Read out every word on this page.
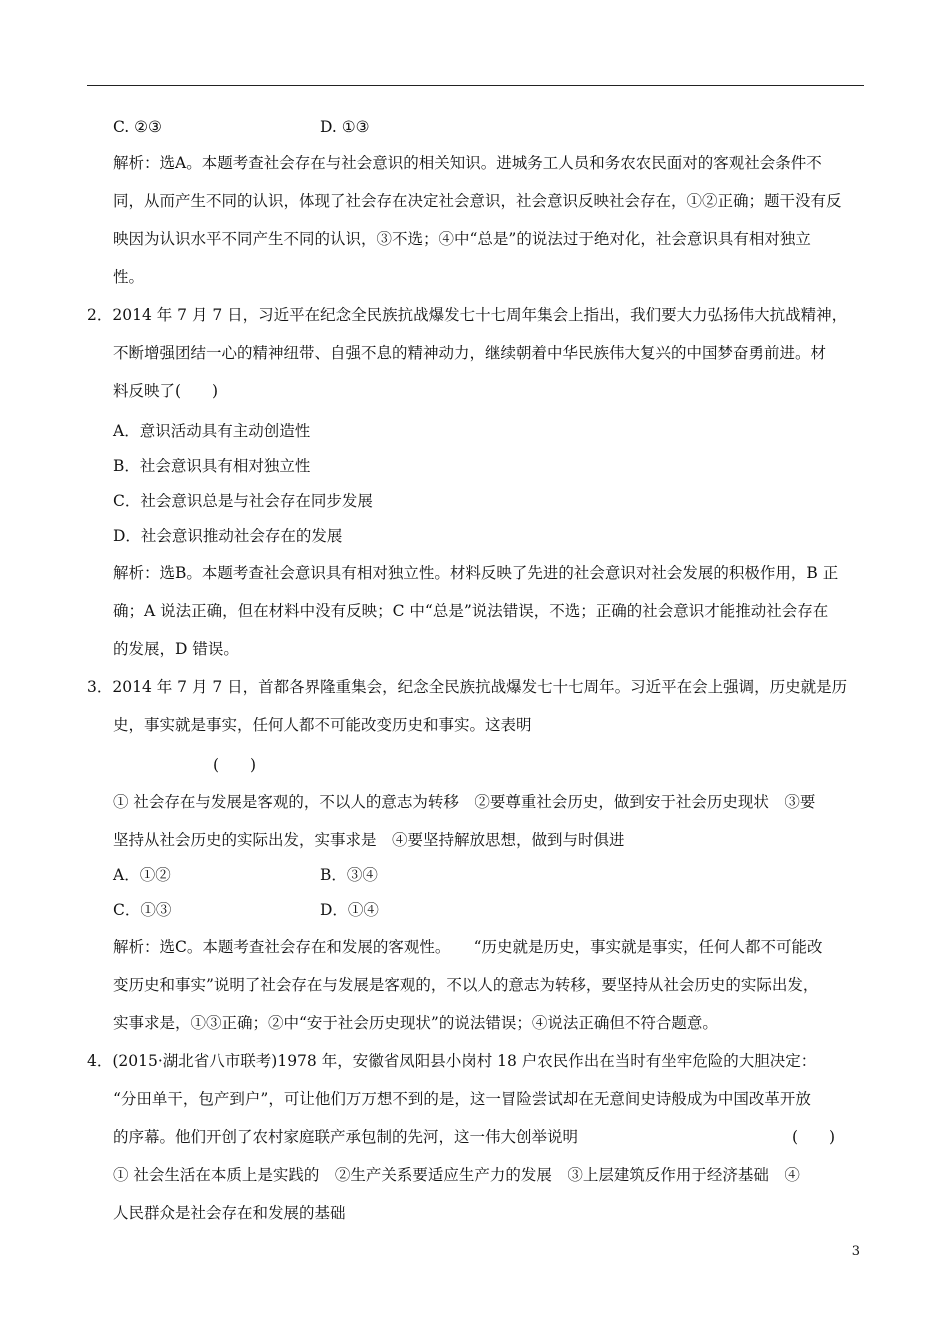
C. ②③	D. ①③
解析：选A。本题考查社会存在与社会意识的相关知识。进城务工人员和务农农民面对的客观社会条件不
同，从而产生不同的认识，体现了社会存在决定社会意识，社会意识反映社会存在，①②正确；题干没有反
映因为认识水平不同产生不同的认识，③不选；④中“总是”的说法过于绝对化，社会意识具有相对独立
性。
2．2014 年 7 月 7 日，习近平在纪念全民族抗战爆发七十七周年集会上指出，我们要大力弘扬伟大抗战精神，
不断增强团结一心的精神纽带、自强不息的精神动力，继续朝着中华民族伟大复兴的中国梦奋勇前进。材
料反映了(　　)
A．意识活动具有主动创造性
B．社会意识具有相对独立性
C．社会意识总是与社会存在同步发展
D．社会意识推动社会存在的发展
解析：选B。本题考查社会意识具有相对独立性。材料反映了先进的社会意识对社会发展的积极作用，B 正
确；A 说法正确，但在材料中没有反映；C 中“总是”说法错误，不选；正确的社会意识才能推动社会存在
的发展，D 错误。
3．2014 年 7 月 7 日，首都各界隆重集会，纪念全民族抗战爆发七十七周年。习近平在会上强调，历史就是历
史，事实就是事实，任何人都不可能改变历史和事实。这表明
(　　)
① 社会存在与发展是客观的，不以人的意志为转移　②要尊重社会历史，做到安于社会历史现状　③要
坚持从社会历史的实际出发，实事求是　④要坚持解放思想，做到与时俱进
A．①②	B．③④
C．①③	D．①④
解析：选C。本题考查社会存在和发展的客观性。　　“历史就是历史，事实就是事实，任何人都不可能改
变历史和事实”说明了社会存在与发展是客观的，不以人的意志为转移，要坚持从社会历史的实际出发，
实事求是，①③正确；②中“安于社会历史现状”的说法错误；④说法正确但不符合题意。
4．(2015·湖北省八市联考)1978 年，安徽省凤阳县小岗村 18 户农民作出在当时有坐牢危险的大胆决定：
“分田单干，包产到户”，可让他们万万想不到的是，这一冒险尝试却在无意间史诗般成为中国改革开放
的序幕。他们开创了农村家庭联产承包制的先河，这一伟大创举说明	(　　)
① 社会生活在本质上是实践的　②生产关系要适应生产力的发展　③上层建筑反作用于经济基础　④
人民群众是社会存在和发展的基础
3
